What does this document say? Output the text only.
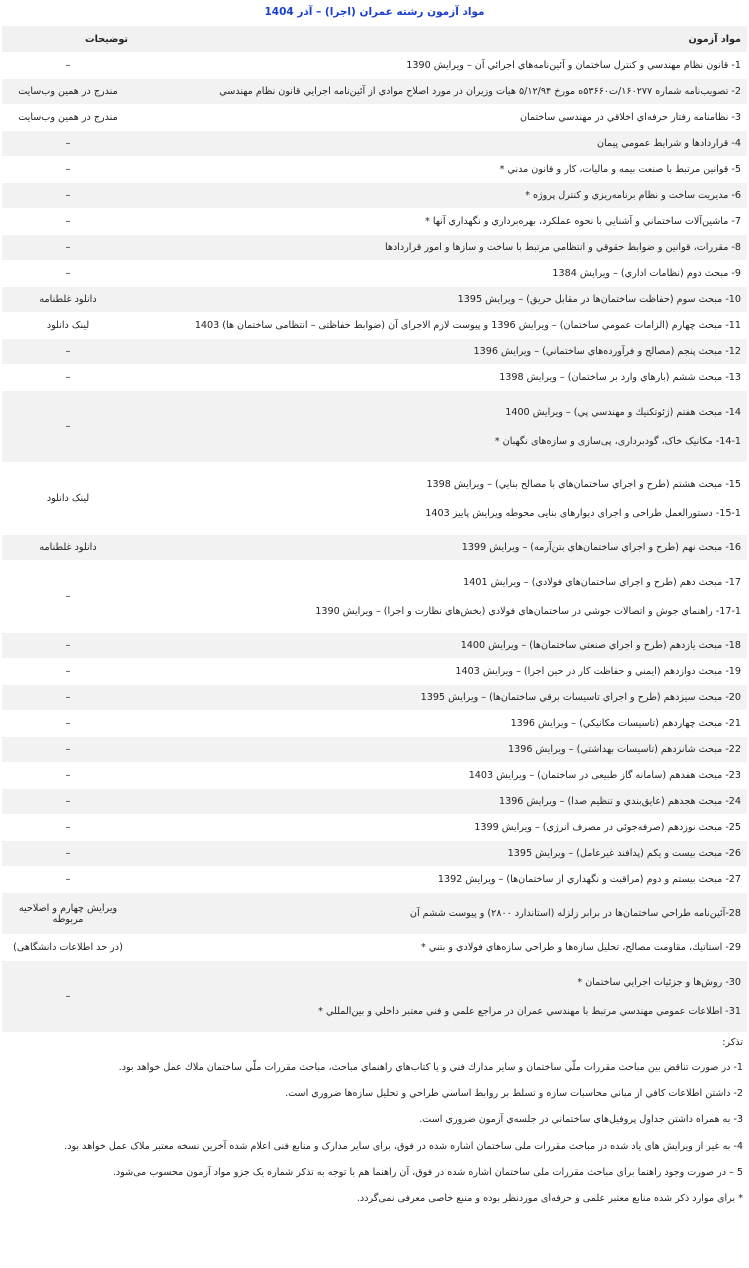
مواد آزمون رشته عمران (اجرا) – آذر 1404
مواد آزمون	توضیحات

1- قانون نظام مهندسي و كنترل ساختمان و آئين‌نامه‌هاي اجرائي آن – ويرايش 1390	–

2- تصويب‌نامه شماره ۱۶۰۲۷۷/ت۵۳۶۶۰ه مورخ ۵/۱۲/۹۴ هيات وزيران در مورد اصلاح موادي از آئين‌نامه اجرايي قانون نظام مهندسي	مندرج در همین وب‌سایت

3- نظامنامه رفتار حرفه‌اي اخلاقي در مهندسي ساختمان	مندرج در همین وب‌سایت

4- قراردادها و شرايط عمومي پيمان	–

5- قوانين مرتبط با صنعت بيمه و ماليات، كار و قانون مدني *	–

6- مديريت ساخت و نظام برنامه‌ريزي و كنترل پروژه *	–

7- ماشين‌آلات ساختماني و آشنايي با نحوه عملكرد، بهره‌برداري و نگهداري آنها *	–

8- مقررات، قوانين و ضوابط حقوقي و انتظامي مرتبط با ساخت و سازها و امور قراردادها	–

9- مبحث دوم (نظامات اداري) – ويرايش 1384	–

10- مبحث سوم (حفاظت ساختمان‌ها در مقابل حريق) – ويرايش 1395	دانلود غلطنامه

11- مبحث چهارم (الزامات عمومي ساختمان) – ويرايش 1396 و پيوست لازم الاجرای آن (ضوابط حفاظتی – انتظامی ساختمان ها) 1403	لینک دانلود

12- مبحث پنجم (مصالح و فرآورده‌هاي ساختماني) – ويرايش 1396	–

13- مبحث ششم (بارهاي وارد بر ساختمان) – ويرايش 1398	–

14- مبحث هفتم (ژئوتكنيك و مهندسي پي) – ويرايش 1400
14-1- مکانیک خاک، گودبرداری، پی‌سازی و سازه‌های نگهبان *	–

15- مبحث هشتم (طرح و اجراي ساختمان‌هاي با مصالح بنايي) – ويرايش 1398
15-1- دستورالعمل طراحی و اجرای دیوارهای بنایی محوطه ویرایش پاییز 1403	لینک دانلود

16- مبحث نهم (طرح و اجراي ساختمان‌هاي بتن‌آرمه) – ويرايش 1399	دانلود غلطنامه

17- مبحث دهم (طرح و اجراي ساختمان‌هاي فولادي) – ويرايش 1401
17-1- راهنماي جوش و اتصالات جوشي در ساختمان‌هاي فولادي (بخش‌هاي نظارت و اجرا) – ويرايش 1390	–

18- مبحث يازدهم (طرح و اجراي صنعتي ساختمان‌ها) – ويرايش 1400	–

19- مبحث دوازدهم (ايمني و حفاظت كار در حين اجرا) – ويرايش 1403	–

20- مبحث سيزدهم (طرح و اجراي تاسيسات برقي ساختمان‌ها) – ويرايش 1395	–

21- مبحث چهاردهم (تاسيسات مكانيكي) – ويرايش 1396	–

22- مبحث شانزدهم (تاسيسات بهداشتي) – ويرايش 1396	–

23- مبحث هفدهم (سامانه گاز طبیعی در ساختمان) – ويرايش 1403	–

24- مبحث هجدهم (عايق‌بندي و تنظيم صدا) – ويرايش 1396	–

25- مبحث نوزدهم (صرفه‌جوئي در مصرف انرژي) – ويرايش 1399	–

26- مبحث بيست و يكم (پدافند غيرعامل) – ويرايش 1395	–

27- مبحث بيستم و دوم (مراقبت و نگهداري از ساختمان‌ها) – ويرايش 1392	–

28-آئين‌نامه طراحي ساختمان‌ها در برابر زلزله (استاندارد ۲۸۰۰) و پيوست ششم آن	ويرايش چهارم و اصلاحيه مربوطه

29- استاتيك، مقاومت مصالح، تحليل سازه‌ها و طراحي سازه‌هاي فولادي و بتني *	(در حد اطلاعات دانشگاهی)

30- روش‌ها و جزئيات اجرايي ساختمان *
31- اطلاعات عمومي مهندسي مرتبط با مهندسي عمران در مراجع علمي و فني معتبر داخلي و بين‌المللي *	–
تذکر:

1- در صورت تناقض بين مباحث مقررات ملّي ساختمان و ساير مدارك فني و يا كتاب‌هاي راهنماي مباحث، مباحث مقررات ملّي ساختمان ملاك عمل خواهد بود.

2- داشتن اطلاعات كافي از مباني محاسبات سازه و تسلط بر روابط اساسي طراحي و تحليل سازه‌ها ضروري است.

3- به همراه داشتن جداول پروفيل‌هاي ساختماني در جلسه‌ي آزمون ضروري است.

4- به غير از ویرایش های یاد شده در مباحث مقررات ملی ساختمان اشاره شده در فوق، برای سایر مدارک و منابع فنی اعلام شده آخرین نسخه معتبر ملاک عمل خواهد بود.

5 – در صورت وجود راهنما برای مباحث مقررات ملی ساختمان اشاره شده در فوق، آن راهنما هم با توجه به تذکر شماره یک جزو مواد آزمون محسوب می‌شود.

* برای موارد ذکر شده منابع معتبر علمی و حرفه‌ای موردنظر بوده و منبع خاصی معرفی نمی‌گردد.
